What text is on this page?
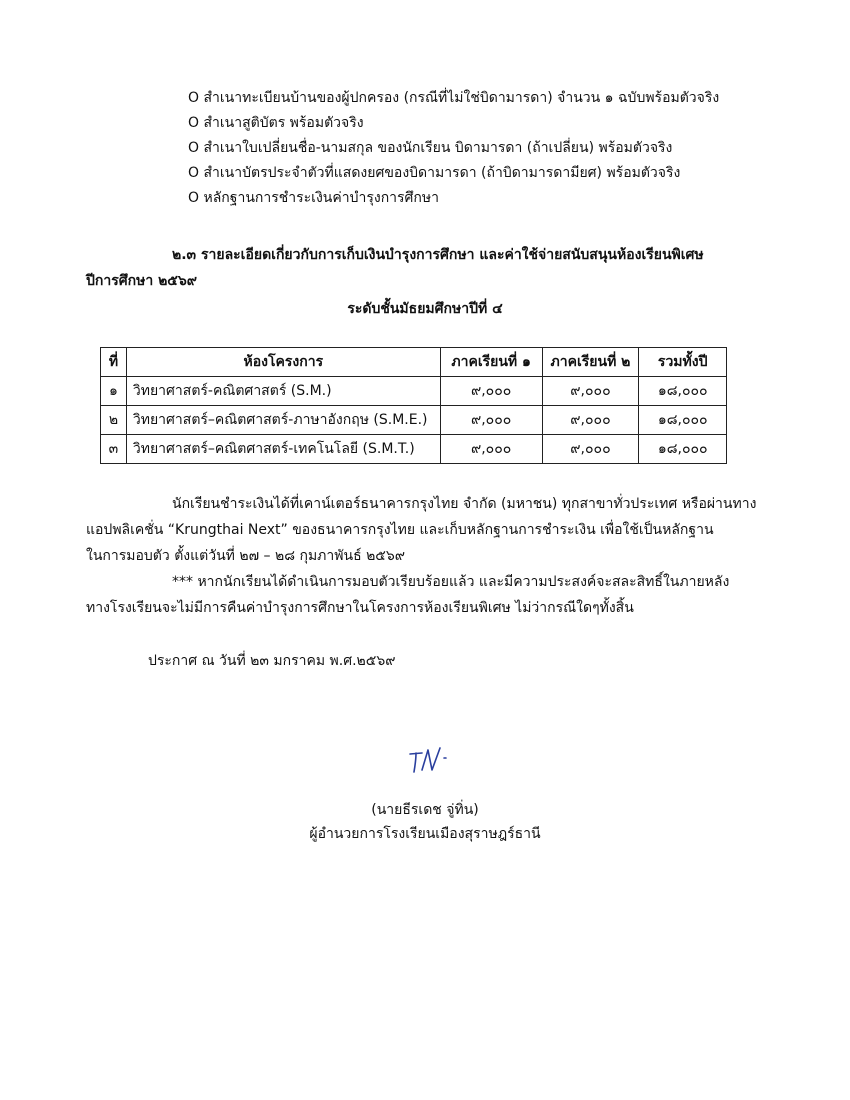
O สำเนาทะเบียนบ้านของผู้ปกครอง (กรณีที่ไม่ใช่บิดามารดา) จำนวน ๑ ฉบับพร้อมตัวจริง
O สำเนาสูติบัตร พร้อมตัวจริง
O สำเนาใบเปลี่ยนชื่อ-นามสกุล ของนักเรียน บิดามารดา (ถ้าเปลี่ยน) พร้อมตัวจริง
O สำเนาบัตรประจำตัวที่แสดงยศของบิดามารดา (ถ้าบิดามารดามียศ) พร้อมตัวจริง
O หลักฐานการชำระเงินค่าบำรุงการศึกษา
๒.๓ รายละเอียดเกี่ยวกับการเก็บเงินบำรุงการศึกษา และค่าใช้จ่ายสนับสนุนห้องเรียนพิเศษ
ปีการศึกษา ๒๕๖๙
ระดับชั้นมัธยมศึกษาปีที่ ๔
ที่	ห้องโครงการ	ภาคเรียนที่ ๑	ภาคเรียนที่ ๒	รวมทั้งปี
๑	วิทยาศาสตร์-คณิตศาสตร์ (S.M.)	๙,๐๐๐	๙,๐๐๐	๑๘,๐๐๐
๒	วิทยาศาสตร์–คณิตศาสตร์-ภาษาอังกฤษ (S.M.E.)	๙,๐๐๐	๙,๐๐๐	๑๘,๐๐๐
๓	วิทยาศาสตร์–คณิตศาสตร์-เทคโนโลยี (S.M.T.)	๙,๐๐๐	๙,๐๐๐	๑๘,๐๐๐
นักเรียนชำระเงินได้ที่เคาน์เตอร์ธนาคารกรุงไทย จำกัด (มหาชน) ทุกสาขาทั่วประเทศ หรือผ่านทาง
แอปพลิเคชั่น “Krungthai Next” ของธนาคารกรุงไทย และเก็บหลักฐานการชำระเงิน เพื่อใช้เป็นหลักฐาน
ในการมอบตัว ตั้งแต่วันที่ ๒๗ – ๒๘ กุมภาพันธ์ ๒๕๖๙
*** หากนักเรียนได้ดำเนินการมอบตัวเรียบร้อยแล้ว และมีความประสงค์จะสละสิทธิ์ในภายหลัง
ทางโรงเรียนจะไม่มีการคืนค่าบำรุงการศึกษาในโครงการห้องเรียนพิเศษ ไม่ว่ากรณีใดๆทั้งสิ้น
ประกาศ ณ วันที่ ๒๓ มกราคม พ.ศ.๒๕๖๙
(นายธีรเดช จู่ทิ่น)
ผู้อำนวยการโรงเรียนเมืองสุราษฎร์ธานี
